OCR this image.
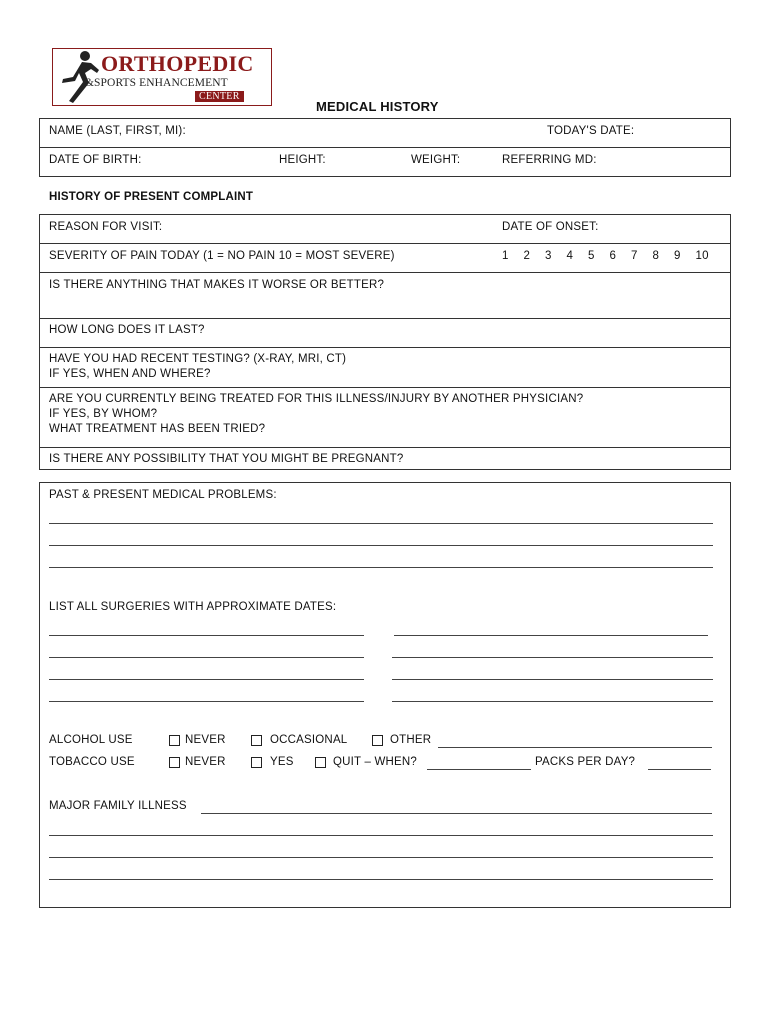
ORTHOPEDIC
&SPORTS ENHANCEMENT
CENTER
MEDICAL HISTORY
NAME (LAST, FIRST, MI):	TODAY'S DATE:
DATE OF BIRTH:	HEIGHT:	WEIGHT:	REFERRING MD:
HISTORY OF PRESENT COMPLAINT
REASON FOR VISIT:	DATE OF ONSET:
SEVERITY OF PAIN TODAY (1 = NO PAIN 10 = MOST SEVERE)	1 2 3 4 5 6 7 8 9 10
IS THERE ANYTHING THAT MAKES IT WORSE OR BETTER?
HOW LONG DOES IT LAST?
HAVE YOU HAD RECENT TESTING? (X-RAY, MRI, CT)
IF YES, WHEN AND WHERE?
ARE YOU CURRENTLY BEING TREATED FOR THIS ILLNESS/INJURY BY ANOTHER PHYSICIAN?
IF YES, BY WHOM?
WHAT TREATMENT HAS BEEN TRIED?
IS THERE ANY POSSIBILITY THAT YOU MIGHT BE PREGNANT?
PAST & PRESENT MEDICAL PROBLEMS:
LIST ALL SURGERIES WITH APPROXIMATE DATES:
ALCOHOL USE	NEVER	OCCASIONAL	OTHER
TOBACCO USE	NEVER	YES	QUIT – WHEN?	PACKS PER DAY?
MAJOR FAMILY ILLNESS
